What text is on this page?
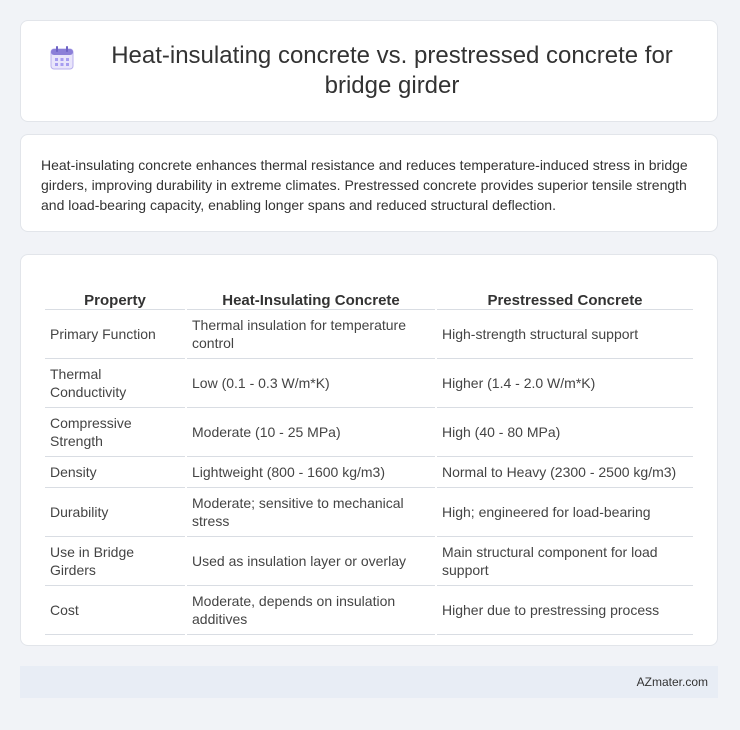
Heat-insulating concrete vs. prestressed concrete for bridge girder

Heat-insulating concrete enhances thermal resistance and reduces temperature-induced stress in bridge girders, improving durability in extreme climates. Prestressed concrete provides superior tensile strength and load-bearing capacity, enabling longer spans and reduced structural deflection.

Property	Heat-Insulating Concrete	Prestressed Concrete
Primary Function	Thermal insulation for temperature control	High-strength structural support
Thermal Conductivity	Low (0.1 - 0.3 W/m*K)	Higher (1.4 - 2.0 W/m*K)
Compressive Strength	Moderate (10 - 25 MPa)	High (40 - 80 MPa)
Density	Lightweight (800 - 1600 kg/m3)	Normal to Heavy (2300 - 2500 kg/m3)
Durability	Moderate; sensitive to mechanical stress	High; engineered for load-bearing
Use in Bridge Girders	Used as insulation layer or overlay	Main structural component for load support
Cost	Moderate, depends on insulation additives	Higher due to prestressing process
AZmater.com
